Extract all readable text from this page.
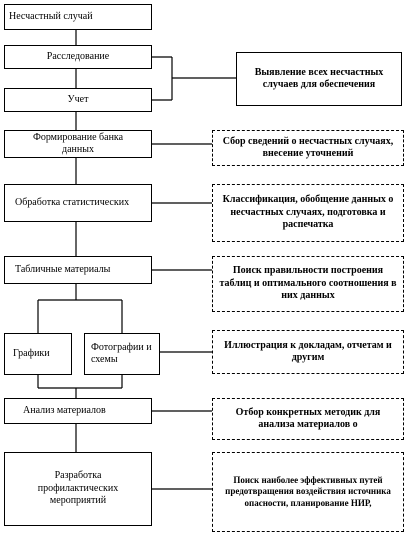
Несчастный случай
Расследование
Учет
Формирование банка данных
Обработка статистических
Табличные материалы
Графики
Фотографии и схемы
Анализ материалов
Разработка профилактических мероприятий
Выявление всех несчастных случаев для обеспечения
Сбор сведений о несчастных случаях, внесение уточнений
Классификация, обобщение данных о несчастных случаях, подготовка и распечатка
Поиск правильности построения таблиц и оптимального соотношения в них данных
Иллюстрация к докладам, отчетам и другим
Отбор конкретных методик для анализа материалов о
Поиск наиболее эффективных путей предотвращения воздействия источника опасности, планирование НИР,
